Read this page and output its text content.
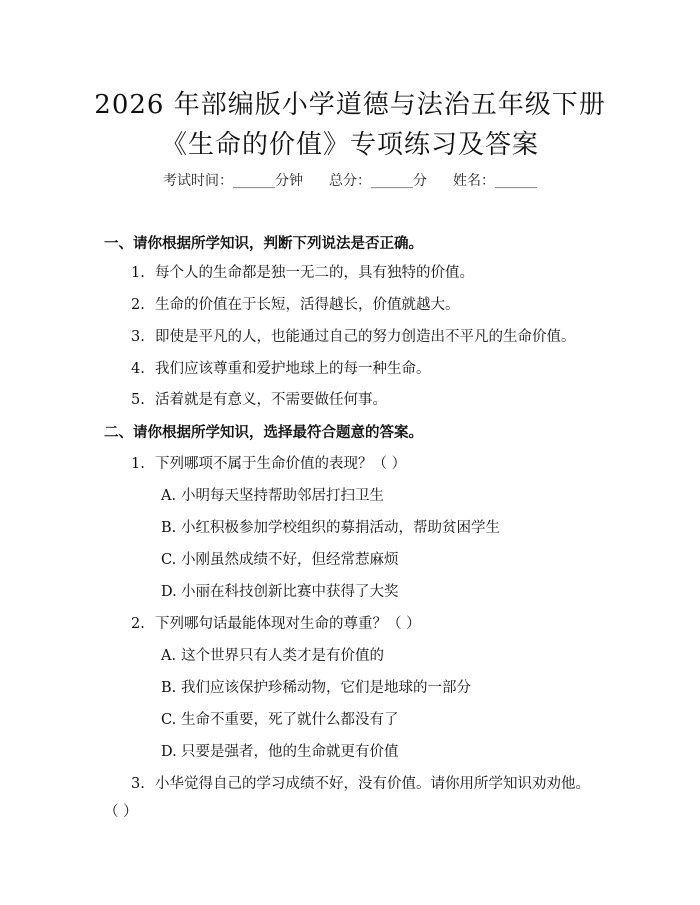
2026 年部编版小学道德与法治五年级下册
《生命的价值》专项练习及答案
考试时间：______分钟 总分：______分 姓名：______
一、请你根据所学知识，判断下列说法是否正确。
1. 每个人的生命都是独一无二的，具有独特的价值。
2. 生命的价值在于长短，活得越长，价值就越大。
3. 即使是平凡的人，也能通过自己的努力创造出不平凡的生命价值。
4. 我们应该尊重和爱护地球上的每一种生命。
5. 活着就是有意义，不需要做任何事。
二、请你根据所学知识，选择最符合题意的答案。
1. 下列哪项不属于生命价值的表现？（ ）
A. 小明每天坚持帮助邻居打扫卫生
B. 小红积极参加学校组织的募捐活动，帮助贫困学生
C. 小刚虽然成绩不好，但经常惹麻烦
D. 小丽在科技创新比赛中获得了大奖
2. 下列哪句话最能体现对生命的尊重？（ ）
A. 这个世界只有人类才是有价值的
B. 我们应该保护珍稀动物，它们是地球的一部分
C. 生命不重要，死了就什么都没有了
D. 只要是强者，他的生命就更有价值
3. 小华觉得自己的学习成绩不好，没有价值。请你用所学知识劝劝他。
（ ）
